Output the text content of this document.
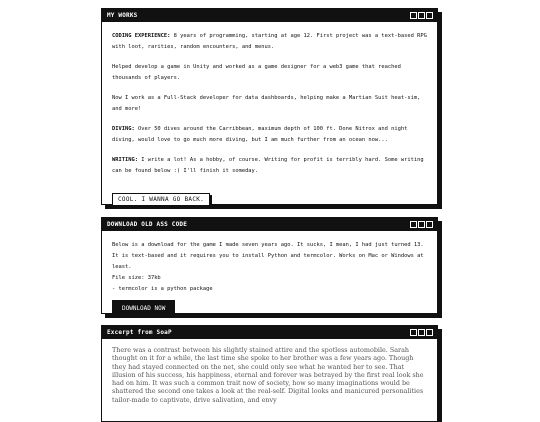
MY WORKS

CODING EXPERIENCE: 8 years of programming, starting at age 12. First project was a text-based RPG with loot, rarities, random encounters, and menus.

Helped develop a game in Unity and worked as a game designer for a web3 game that reached thousands of players.

Now I work as a Full-Stack developer for data dashboards, helping make a Martian Suit heat-sim, and more!

DIVING: Over 50 dives around the Carribbean, maximum depth of 100 ft. Done Nitrox and night diving, would love to go much more diving, but I am much further from an ocean now...

WRITING: I write a lot! As a hobby, of course. Writing for profit is terribly hard. Some writing can be found below :) I'll finish it someday.

COOL. I WANNA GO BACK.
DOWNLOAD OLD ASS CODE

Below is a download for the game I made seven years ago. It sucks, I mean, I had just turned 13. It is text-based and it requires you to install Python and termcolor. Works on Mac or Windows at least.

File size: 37kb

- termcolor is a python package

DOWNLOAD NOW
Excerpt from SoaP

There was a contrast between his slightly stained attire and the spotless automobile. Sarah thought on it for a while, the last time she spoke to her brother was a few years ago. Though they had stayed connected on the net, she could only see what he wanted her to see. That illusion of his success, his happiness, eternal and forever was betrayed by the first real look she had on him. It was such a common trait now of society, how so many imaginations would be shattered the second one takes a look at the real-self. Digital looks and manicured personalities tailor-made to captivate, drive salivation, and envy
